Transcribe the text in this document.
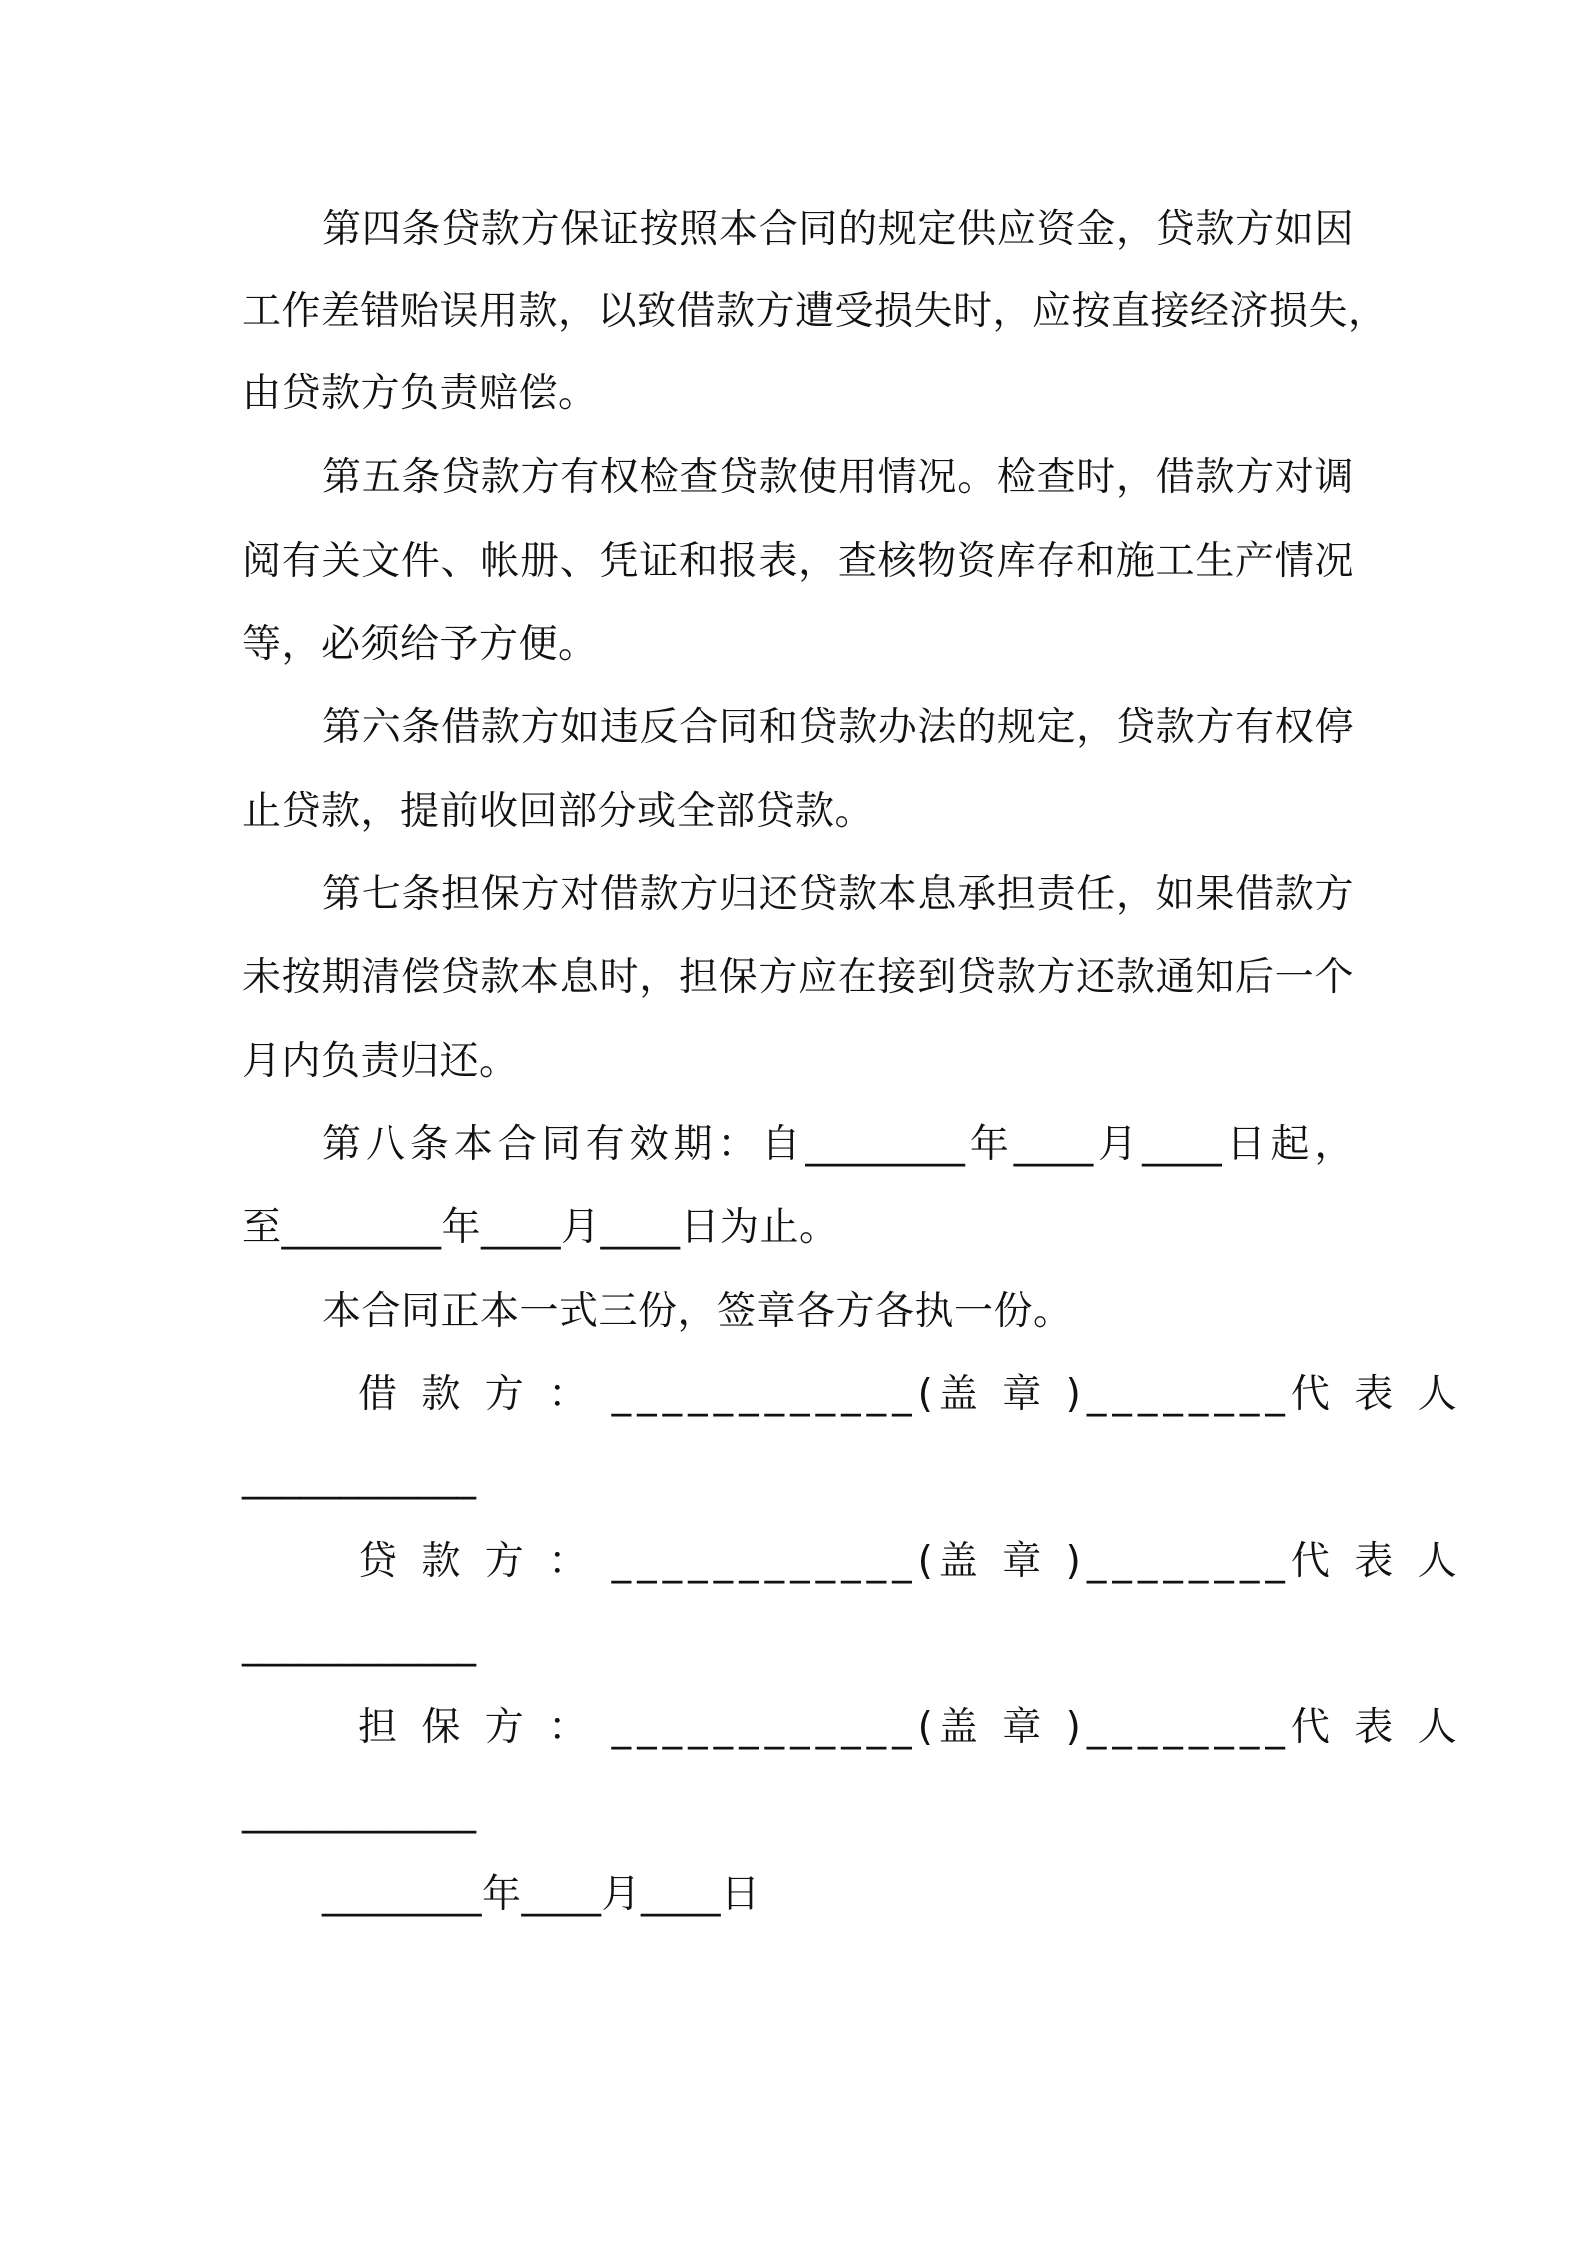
第四条贷款方保证按照本合同的规定供应资金，贷款方如因
工作差错贻误用款，以致借款方遭受损失时，应按直接经济损失，
由贷款方负责赔偿。
第五条贷款方有权检查贷款使用情况。检查时，借款方对调
阅有关文件、帐册、凭证和报表，查核物资库存和施工生产情况
等，必须给予方便。
第六条借款方如违反合同和贷款办法的规定，贷款方有权停
止贷款，提前收回部分或全部贷款。
第七条担保方对借款方归还贷款本息承担责任，如果借款方
未按期清偿贷款本息时，担保方应在接到贷款方还款通知后一个
月内负责归还。
第八条本合同有效期：自________年____月____日起，
至________年____月____日为止。
本合同正本一式三份，签章各方各执一份。
借 款 方 ： ____________(盖 章 )________代 表 人
____________
贷 款 方 ： ____________(盖 章 )________代 表 人
____________
担 保 方 ： ____________(盖 章 )________代 表 人
____________
________年____月____日
